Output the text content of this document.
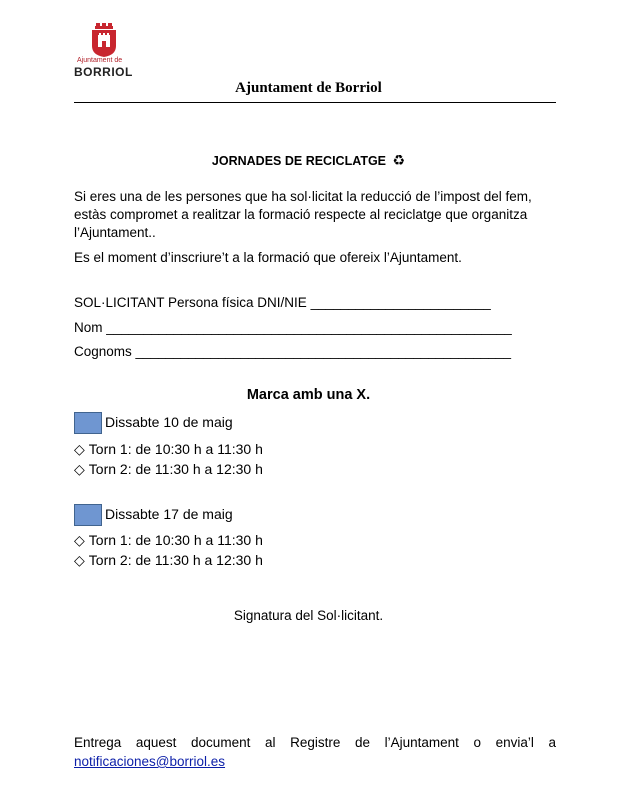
Ajuntament de
BORRIOL
Ajuntament de Borriol
JORNADES DE RECICLATGE ♻
Si eres una de les persones que ha sol·licitat la reducció de l’impost del fem, estàs compromet a realitzar la formació respecte al reciclatge que organitza l’Ajuntament..
Es el moment d’inscriure’t a la formació que ofereix l’Ajuntament.
SOL·LICITANT Persona física DNI/NIE ________________________
Nom ______________________________________________________
Cognoms __________________________________________________
Marca amb una X.
Dissabte 10 de maig
◇ Torn 1: de 10:30 h a 11:30 h
◇ Torn 2: de 11:30 h a 12:30 h
Dissabte 17 de maig
◇ Torn 1: de 10:30 h a 11:30 h
◇ Torn 2: de 11:30 h a 12:30 h
Signatura del Sol·licitant.
Entrega aquest document al Registre de l’Ajuntament o envia’l a
notificaciones@borriol.es
